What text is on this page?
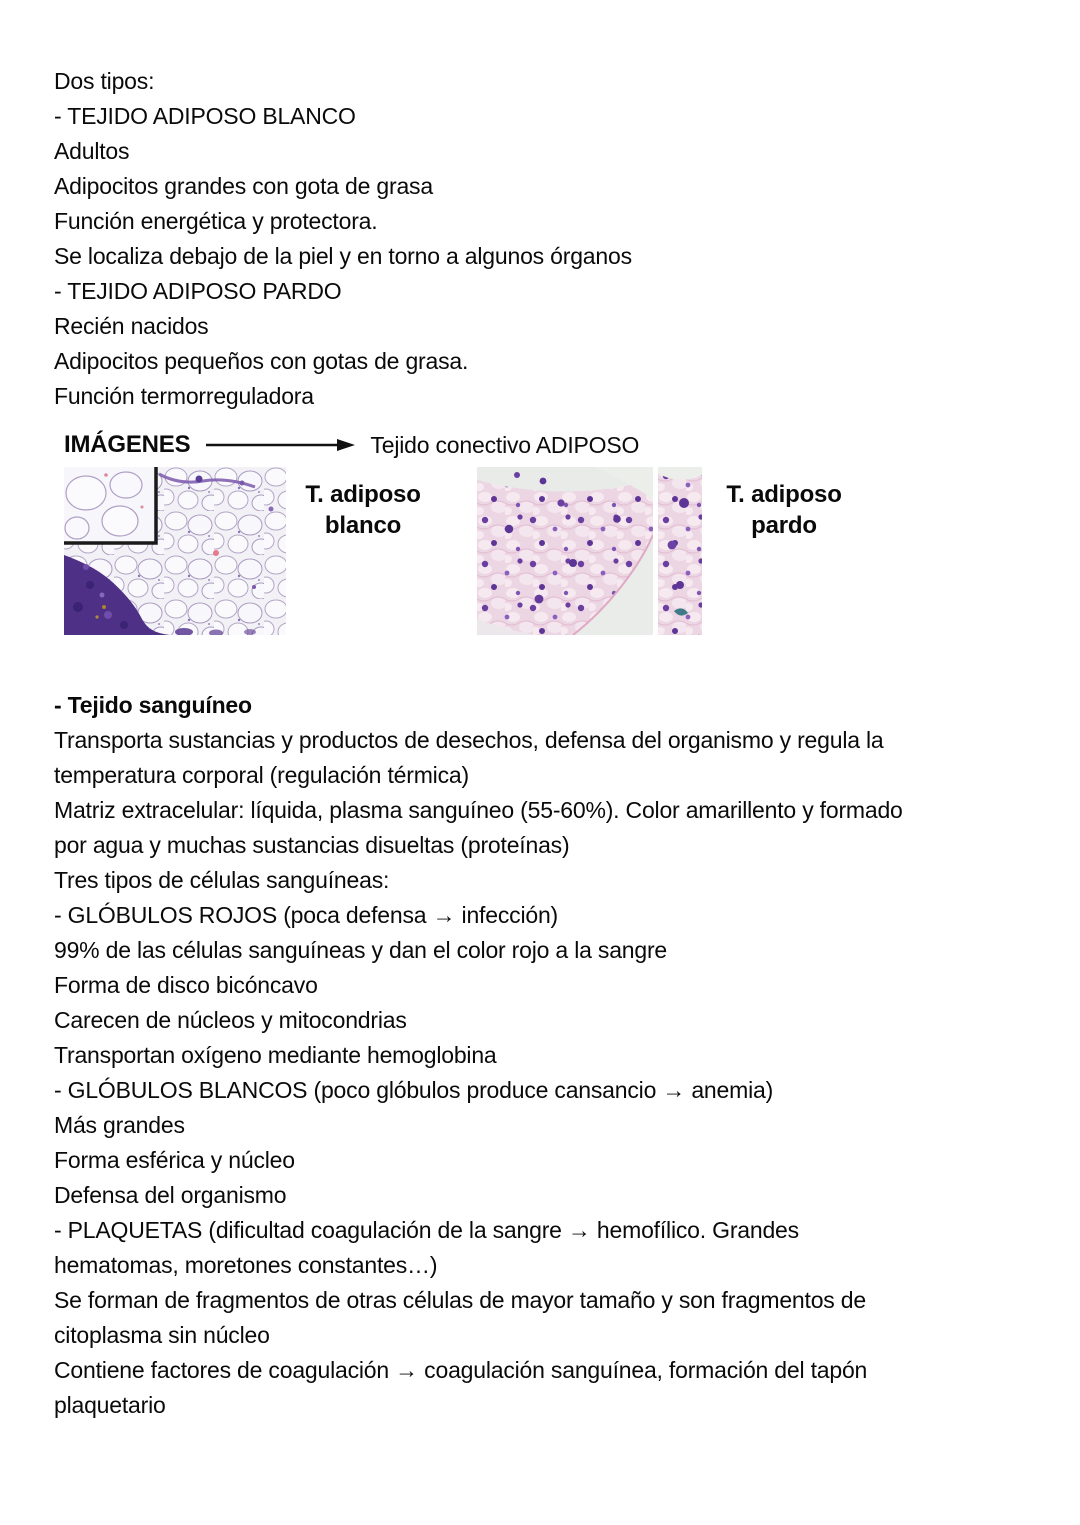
Dos tipos:
- TEJIDO ADIPOSO BLANCO
Adultos
Adipocitos grandes con gota de grasa
Función energética y protectora.
Se localiza debajo de la piel y en torno a algunos órganos
- TEJIDO ADIPOSO PARDO
Recién nacidos
Adipocitos pequeños con gotas de grasa.
Función termorreguladora
IMÁGENES	Tejido conectivo ADIPOSO
T. adiposo
blanco
T. adiposo
pardo
- Tejido sanguíneo
Transporta sustancias y productos de desechos, defensa del organismo y regula la
temperatura corporal (regulación térmica)
Matriz extracelular: líquida, plasma sanguíneo (55-60%). Color amarillento y formado
por agua y muchas sustancias disueltas (proteínas)
Tres tipos de células sanguíneas:
- GLÓBULOS ROJOS (poca defensa → infección)
99% de las células sanguíneas y dan el color rojo a la sangre
Forma de disco bicóncavo
Carecen de núcleos y mitocondrias
Transportan oxígeno mediante hemoglobina
- GLÓBULOS BLANCOS (poco glóbulos produce cansancio → anemia)
Más grandes
Forma esférica y núcleo
Defensa del organismo
- PLAQUETAS (dificultad coagulación de la sangre → hemofílico. Grandes
hematomas, moretones constantes…)
Se forman de fragmentos de otras células de mayor tamaño y son fragmentos de
citoplasma sin núcleo
Contiene factores de coagulación → coagulación sanguínea, formación del tapón
plaquetario
